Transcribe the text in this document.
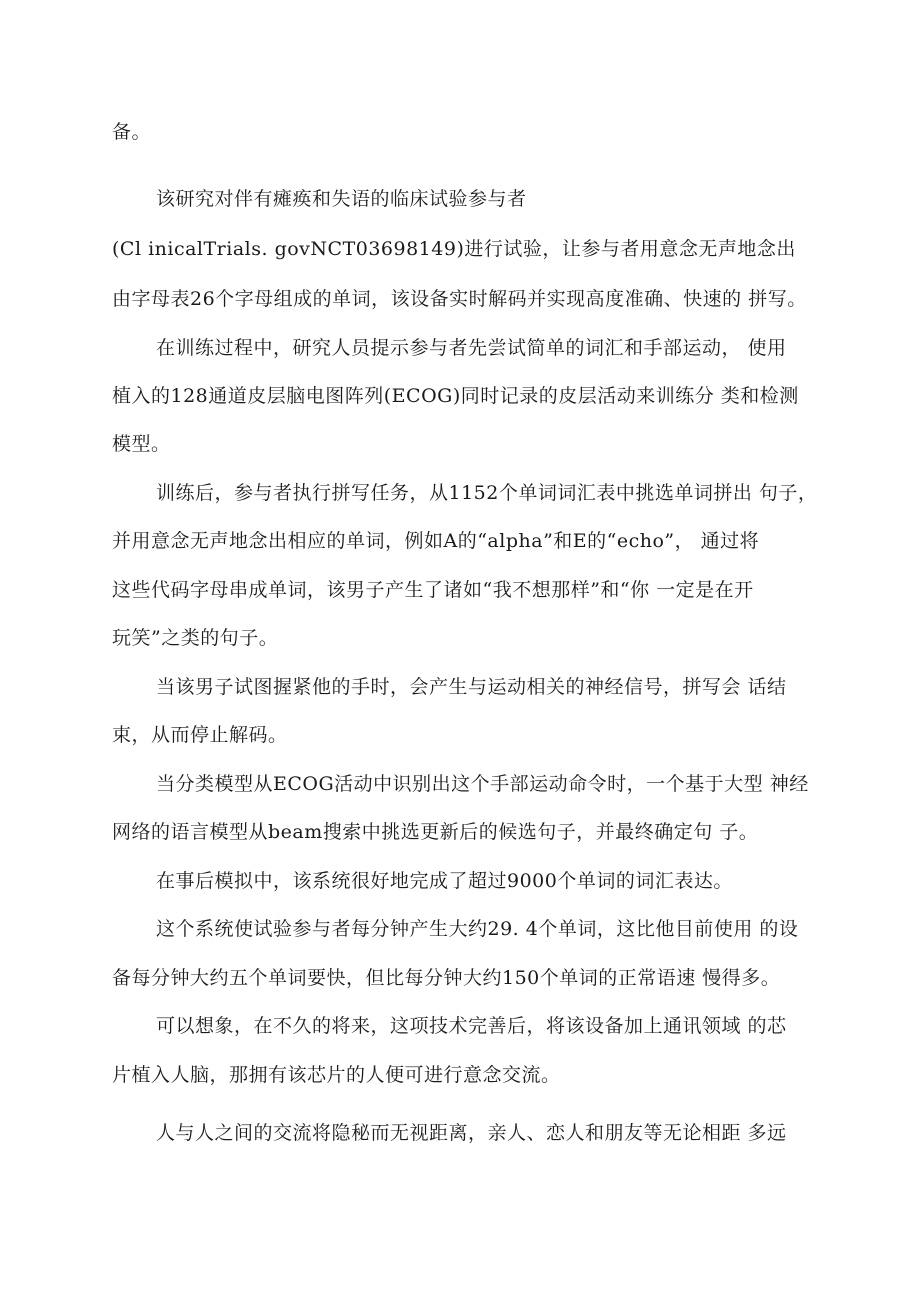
备。
该研究对伴有瘫痪和失语的临床试验参与者
(Cl inicalTrials. govNCT03698149)进行试验，让参与者用意念无声地念出
由字母表26个字母组成的单词，该设备实时解码并实现高度准确、快速的 拼写。
在训练过程中，研究人员提示参与者先尝试简单的词汇和手部运动， 使用
植入的128通道皮层脑电图阵列(ECOG)同时记录的皮层活动来训练分 类和检测
模型。
训练后，参与者执行拼写任务，从1152个单词词汇表中挑选单词拼出 句子，
并用意念无声地念出相应的单词，例如A的“alpha”和E的“echo”， 通过将
这些代码字母串成单词，该男子产生了诸如“我不想那样”和“你 一定是在开
玩笑”之类的句子。
当该男子试图握紧他的手时，会产生与运动相关的神经信号，拼写会 话结
束，从而停止解码。
当分类模型从ECOG活动中识别出这个手部运动命令时，一个基于大型 神经
网络的语言模型从beam搜索中挑选更新后的候选句子，并最终确定句 子。
在事后模拟中，该系统很好地完成了超过9000个单词的词汇表达。
这个系统使试验参与者每分钟产生大约29. 4个单词，这比他目前使用 的设
备每分钟大约五个单词要快，但比每分钟大约150个单词的正常语速 慢得多。
可以想象，在不久的将来，这项技术完善后，将该设备加上通讯领域 的芯
片植入人脑，那拥有该芯片的人便可进行意念交流。
人与人之间的交流将隐秘而无视距离，亲人、恋人和朋友等无论相距 多远
